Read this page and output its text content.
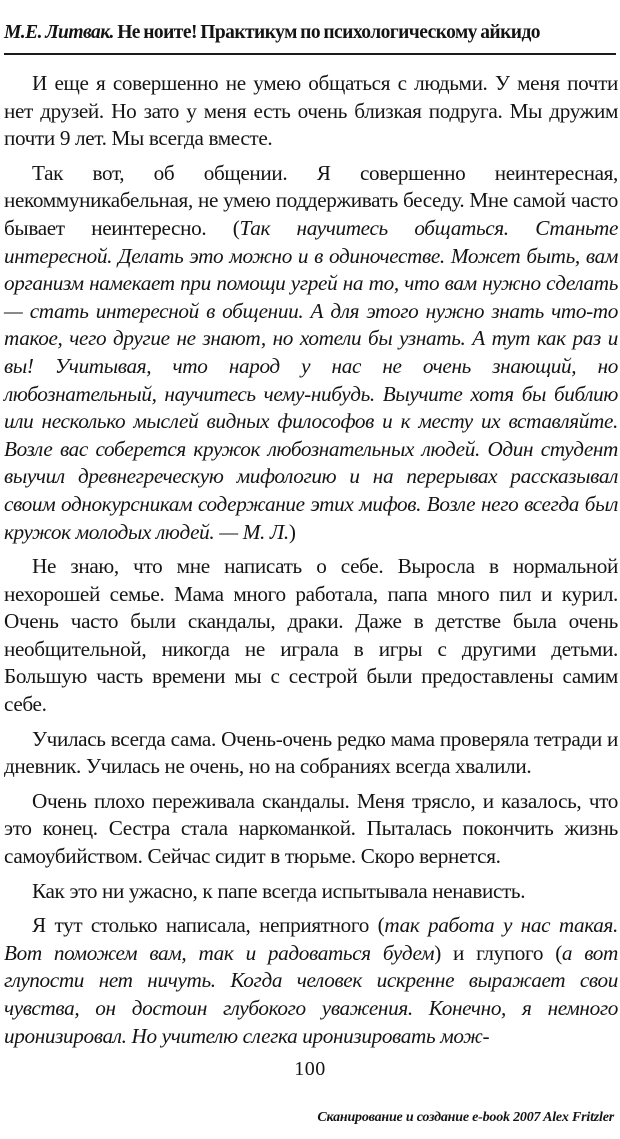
М.Е. Литвак. Не ноите! Практикум по психологическому айкидо

И еще я совершенно не умею общаться с людьми. У меня почти нет друзей. Но зато у меня есть очень близкая подруга. Мы дружим почти 9 лет. Мы всегда вместе.

Так вот, об общении. Я совершенно неинтересная, некоммуникабельная, не умею поддерживать беседу. Мне самой часто бывает неинтересно. (Так научитесь общаться. Станьте интересной. Делать это можно и в одиночестве. Может быть, вам организм намекает при помощи угрей на то, что вам нужно сделать — стать интересной в общении. А для этого нужно знать что-то такое, чего другие не знают, но хотели бы узнать. А тут как раз и вы! Учитывая, что народ у нас не очень знающий, но любознательный, научитесь чему-нибудь. Выучите хотя бы библию или несколько мыслей видных философов и к месту их вставляйте. Возле вас соберется кружок любознательных людей. Один студент выучил древнегреческую мифологию и на перерывах рассказывал своим однокурсникам содержание этих мифов. Возле него всегда был кружок молодых людей. — М. Л.)

Не знаю, что мне написать о себе. Выросла в нормальной нехорошей семье. Мама много работала, папа много пил и курил. Очень часто были скандалы, драки. Даже в детстве была очень необщительной, никогда не играла в игры с другими детьми. Большую часть времени мы с сестрой были предоставлены самим себе.

Училась всегда сама. Очень-очень редко мама проверяла тетради и дневник. Училась не очень, но на собраниях всегда хвалили.

Очень плохо переживала скандалы. Меня трясло, и казалось, что это конец. Сестра стала наркоманкой. Пыталась покончить жизнь самоубийством. Сейчас сидит в тюрьме. Скоро вернется.

Как это ни ужасно, к папе всегда испытывала ненависть.

Я тут столько написала, неприятного (так работа у нас такая. Вот поможем вам, так и радоваться будем) и глупого (а вот глупости нет ничуть. Когда человек искренне выражает свои чувства, он достоин глубокого уважения. Конечно, я немного иронизировал. Но учителю слегка иронизировать мож-

100
Сканирование и создание e-book 2007 Alex Fritzler
